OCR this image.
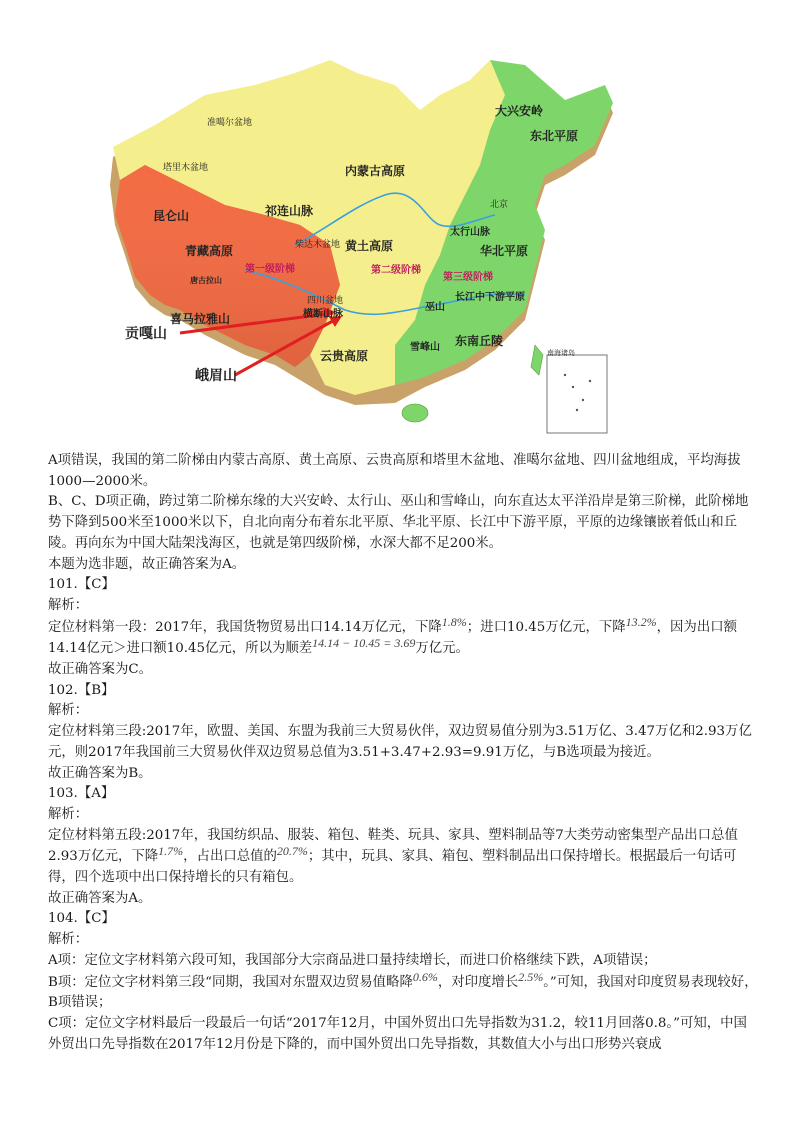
准噶尔盆地
塔里木盆地
柴达木盆地
四川盆地
北京
南海诸岛
昆仑山
青藏高原
祁连山脉
唐古拉山
喜马拉雅山	横断山脉
黄土高原
云贵高原
内蒙古高原
太行山脉
大兴安岭
东北平原
华北平原
长江中下游平原
东南丘陵
巫山
雪峰山
第一级阶梯	第二级阶梯
第三级阶梯
贡嘎山
峨眉山

A项错误，我国的第二阶梯由内蒙古高原、黄土高原、云贵高原和塔里木盆地、准噶尔盆地、四川盆地组成，平均海拔1000—2000米。

B、C、D项正确，跨过第二阶梯东缘的大兴安岭、太行山、巫山和雪峰山，向东直达太平洋沿岸是第三阶梯，此阶梯地势下降到500米至1000米以下，自北向南分布着东北平原、华北平原、长江中下游平原，平原的边缘镶嵌着低山和丘陵。再向东为中国大陆架浅海区，也就是第四级阶梯，水深大都不足200米。

本题为选非题，故正确答案为A。

101.【C】

解析：

定位材料第一段：2017年，我国货物贸易出口14.14万亿元，下降1.8%；进口10.45万亿元，下降13.2%，因为出口额14.14亿元＞进口额10.45亿元，所以为顺差14.14 − 10.45 = 3.69万亿元。

故正确答案为C。

102.【B】

解析：

定位材料第三段:2017年，欧盟、美国、东盟为我前三大贸易伙伴，双边贸易值分别为3.51万亿、3.47万亿和2.93万亿元，则2017年我国前三大贸易伙伴双边贸易总值为3.51+3.47+2.93=9.91万亿，与B选项最为接近。

故正确答案为B。

103.【A】

解析：

定位材料第五段:2017年，我国纺织品、服装、箱包、鞋类、玩具、家具、塑料制品等7大类劳动密集型产品出口总值2.93万亿元，下降1.7%，占出口总值的20.7%；其中，玩具、家具、箱包、塑料制品出口保持增长。根据最后一句话可得，四个选项中出口保持增长的只有箱包。

故正确答案为A。

104.【C】

解析：

A项：定位文字材料第六段可知，我国部分大宗商品进口量持续增长，而进口价格继续下跌，A项错误；

B项：定位文字材料第三段“同期，我国对东盟双边贸易值略降0.6%，对印度增长2.5%。”可知，我国对印度贸易表现较好，B项错误；

C项：定位文字材料最后一段最后一句话“2017年12月，中国外贸出口先导指数为31.2，较11月回落0.8。”可知，中国外贸出口先导指数在2017年12月份是下降的，而中国外贸出口先导指数，其数值大小与出口形势兴衰成
